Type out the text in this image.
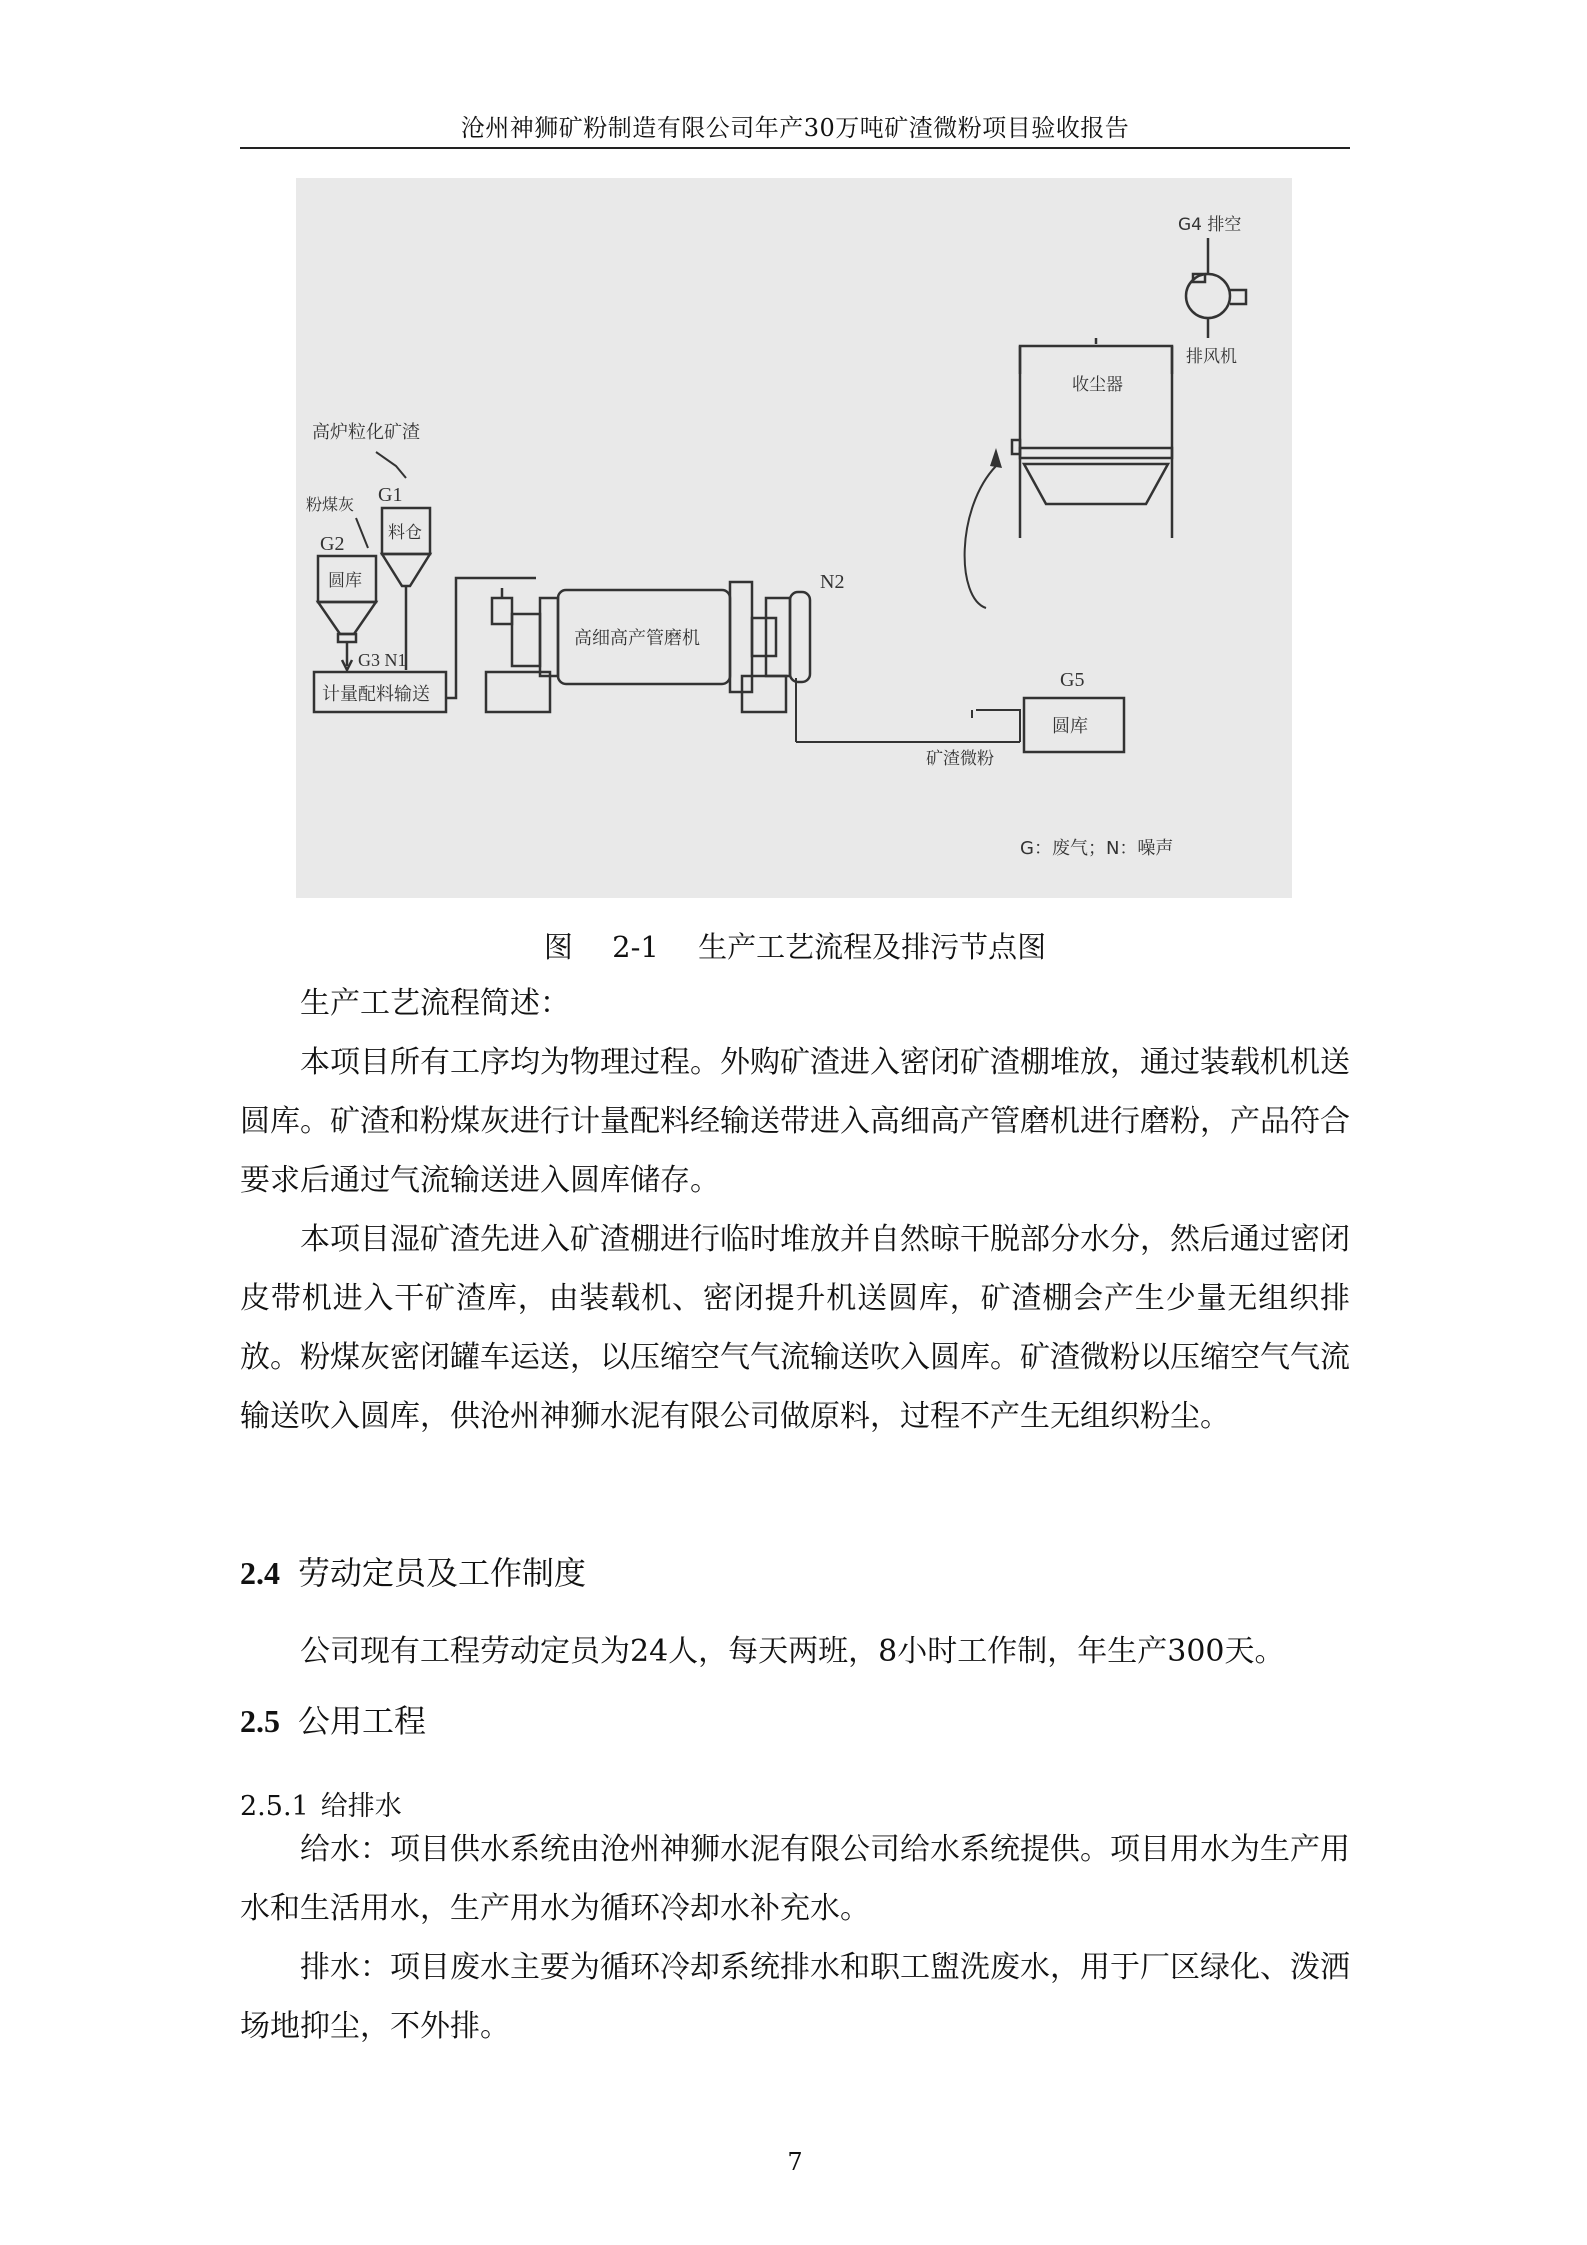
沧州神狮矿粉制造有限公司年产30万吨矿渣微粉项目验收报告
G4 排空
排风机
收尘器
高炉粒化矿渣
粉煤灰 G1
料仓
G2
圆库
G3 N1
计量配料输送
N2
高细高产管磨机
矿渣微粉
G5
圆库
G：废气；N：噪声
图 2-1 生产工艺流程及排污节点图

生产工艺流程简述：

本项目所有工序均为物理过程。外购矿渣进入密闭矿渣棚堆放，通过装载机机送圆库。矿渣和粉煤灰进行计量配料经输送带进入高细高产管磨机进行磨粉，产品符合要求后通过气流输送进入圆库储存。

本项目湿矿渣先进入矿渣棚进行临时堆放并自然晾干脱部分水分，然后通过密闭皮带机进入干矿渣库，由装载机、密闭提升机送圆库，矿渣棚会产生少量无组织排放。粉煤灰密闭罐车运送，以压缩空气气流输送吹入圆库。矿渣微粉以压缩空气气流输送吹入圆库，供沧州神狮水泥有限公司做原料，过程不产生无组织粉尘。

2.4 劳动定员及工作制度

公司现有工程劳动定员为24人，每天两班，8小时工作制，年生产300天。

2.5 公用工程
2.5.1 给排水

给水：项目供水系统由沧州神狮水泥有限公司给水系统提供。项目用水为生产用水和生活用水，生产用水为循环冷却水补充水。

排水：项目废水主要为循环冷却系统排水和职工盥洗废水，用于厂区绿化、泼洒场地抑尘，不外排。

7
